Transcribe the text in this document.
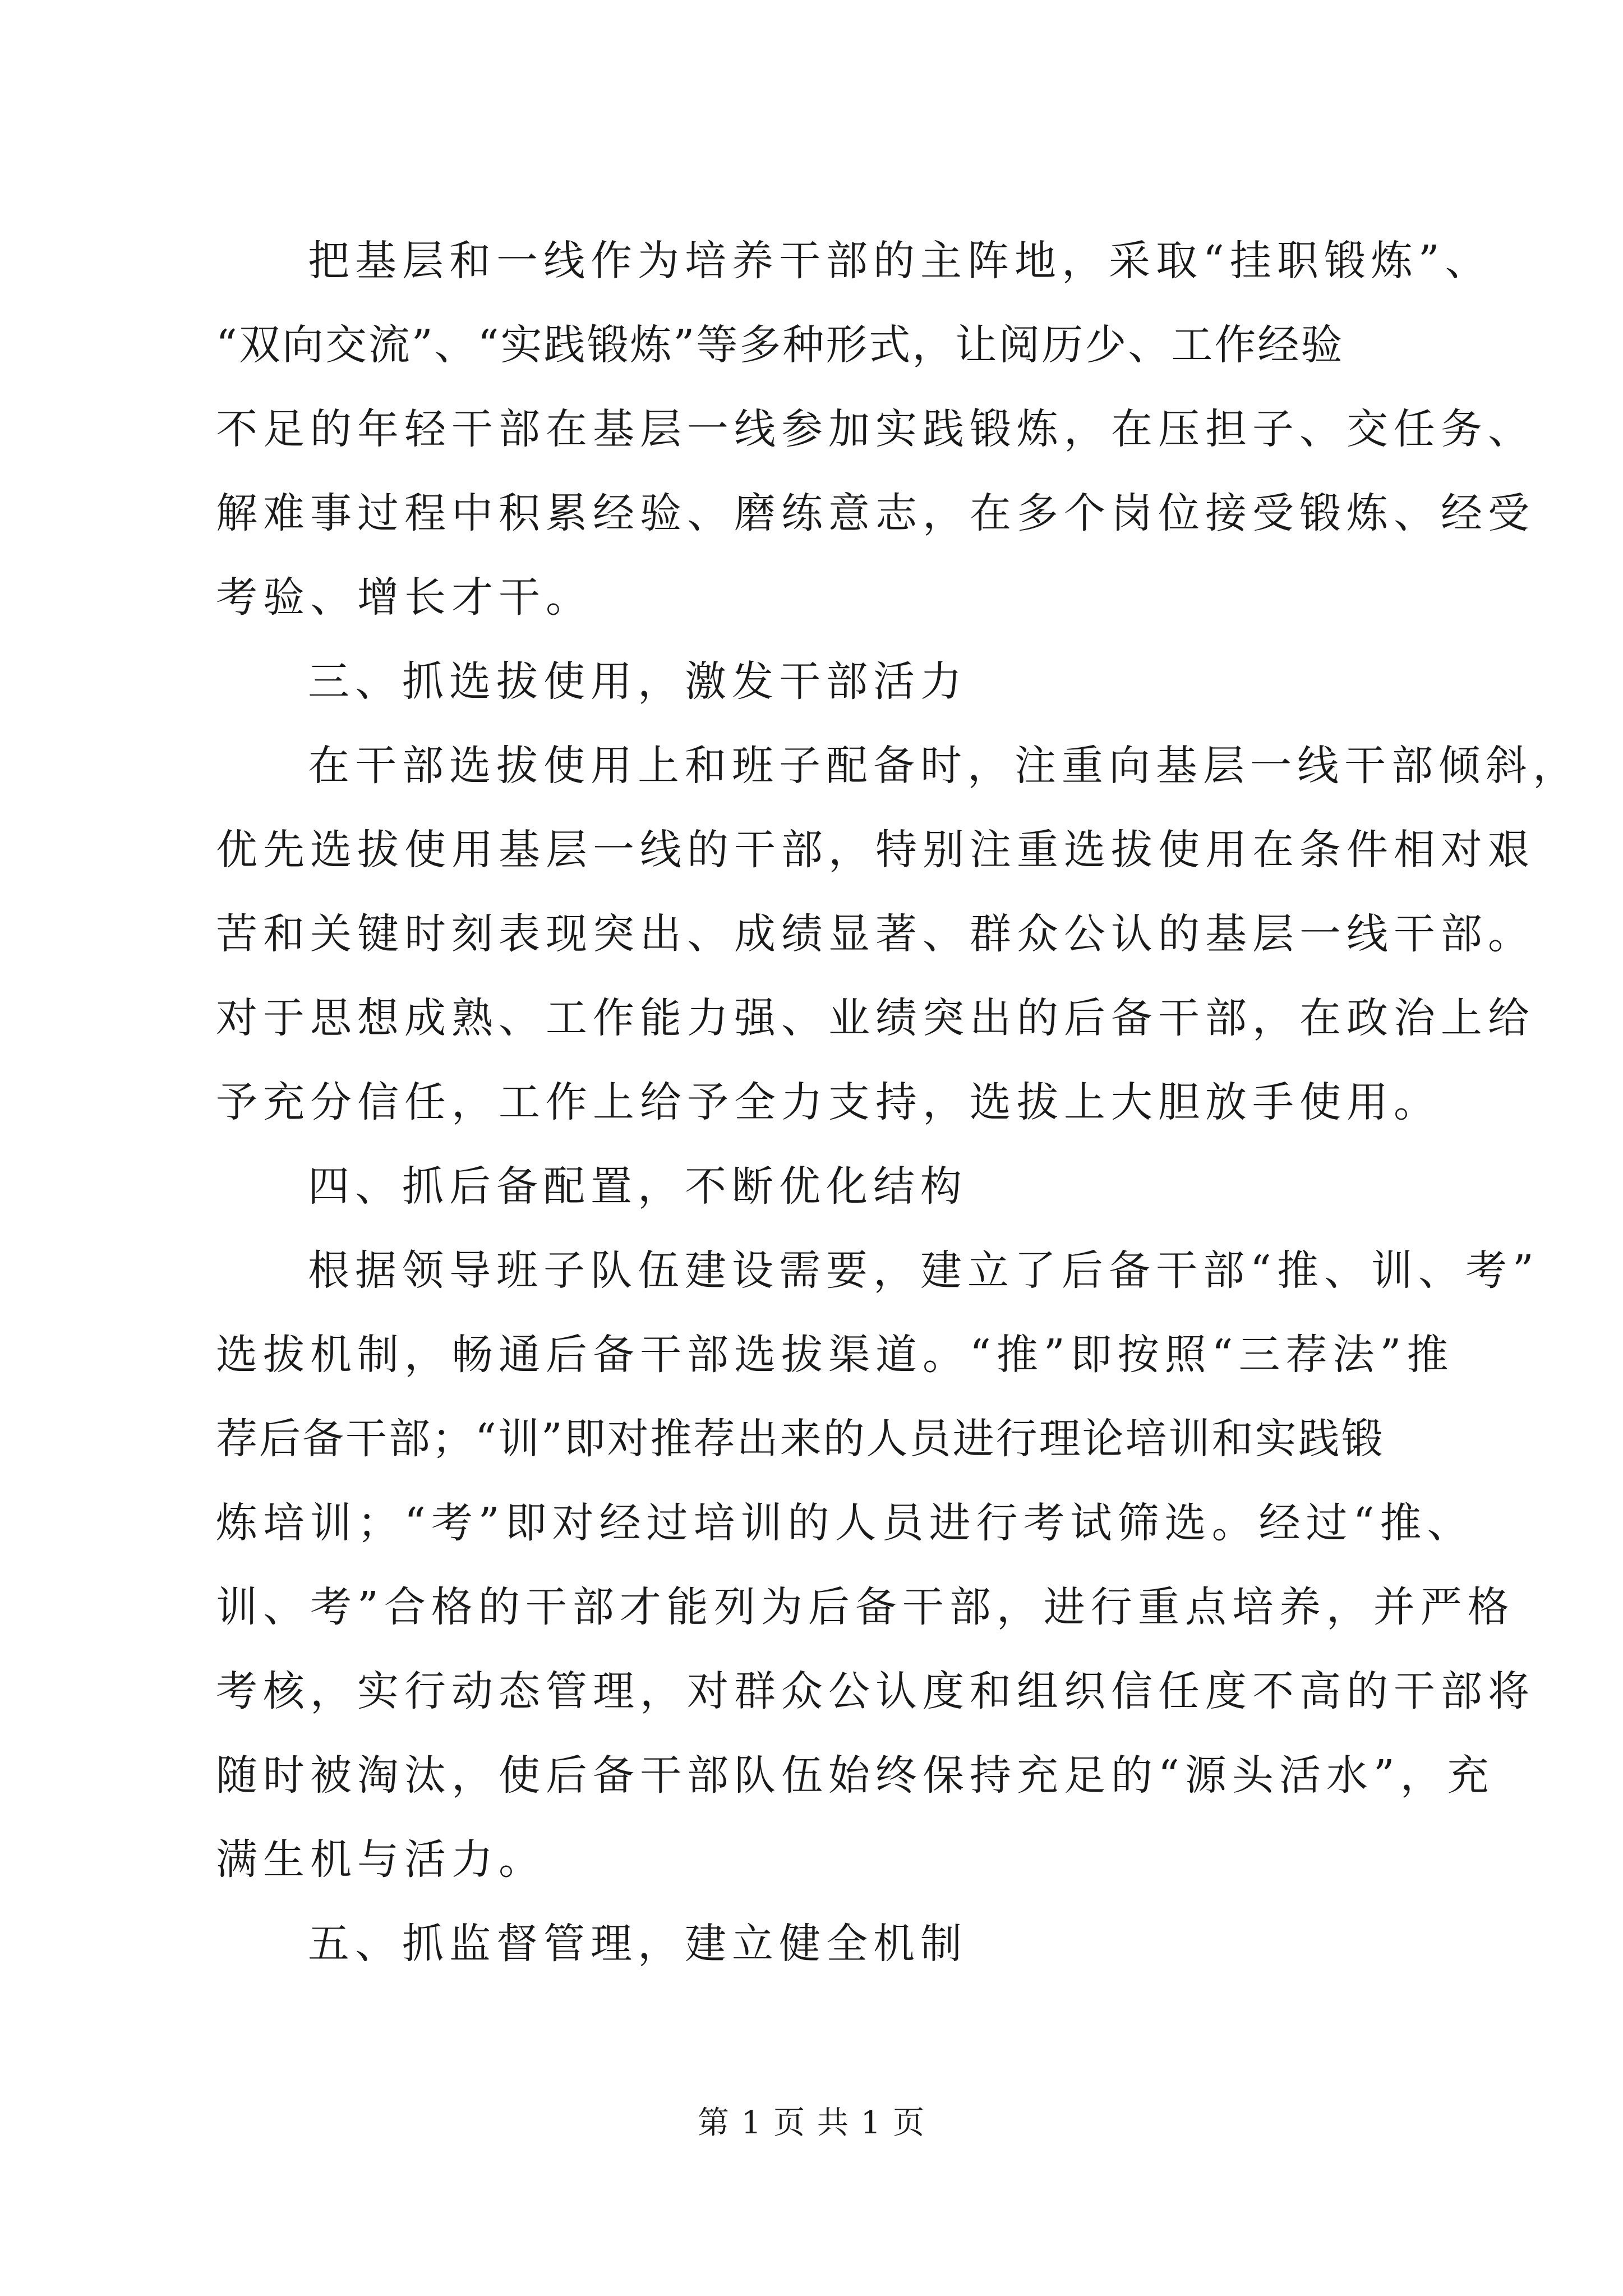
把基层和一线作为培养干部的主阵地，采取“挂职锻炼”、
“双向交流”、“实践锻炼”等多种形式，让阅历少、工作经验
不足的年轻干部在基层一线参加实践锻炼，在压担子、交任务、
解难事过程中积累经验、磨练意志，在多个岗位接受锻炼、经受
考验、增长才干。
三、抓选拔使用，激发干部活力
在干部选拔使用上和班子配备时，注重向基层一线干部倾斜，
优先选拔使用基层一线的干部，特别注重选拔使用在条件相对艰
苦和关键时刻表现突出、成绩显著、群众公认的基层一线干部。
对于思想成熟、工作能力强、业绩突出的后备干部，在政治上给
予充分信任，工作上给予全力支持，选拔上大胆放手使用。
四、抓后备配置，不断优化结构
根据领导班子队伍建设需要，建立了后备干部“推、训、考”
选拔机制，畅通后备干部选拔渠道。“推”即按照“三荐法”推
荐后备干部；“训”即对推荐出来的人员进行理论培训和实践锻
炼培训；“考”即对经过培训的人员进行考试筛选。经过“推、
训、考”合格的干部才能列为后备干部，进行重点培养，并严格
考核，实行动态管理，对群众公认度和组织信任度不高的干部将
随时被淘汰，使后备干部队伍始终保持充足的“源头活水”，充
满生机与活力。
五、抓监督管理，建立健全机制
第 1 页 共 1 页
